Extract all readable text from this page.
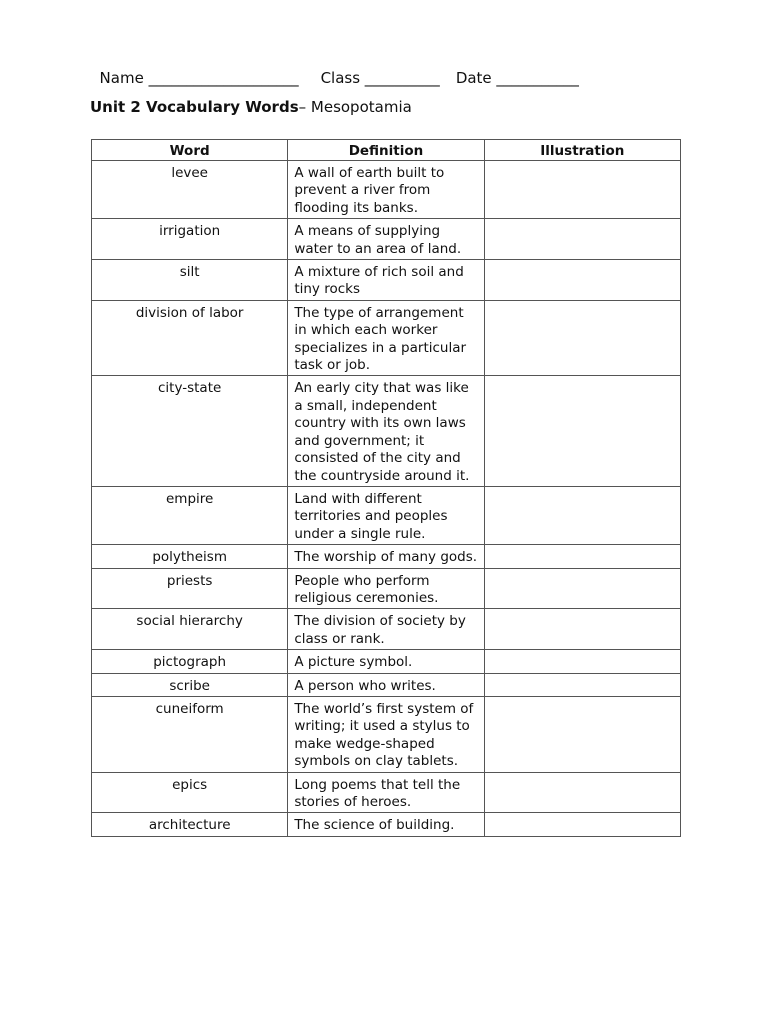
Name ____________________ Class __________ Date ___________

Unit 2 Vocabulary Words– Mesopotamia
Word	Definition	Illustration
levee	A wall of earth built to prevent a river from flooding its banks.	
irrigation	A means of supplying water to an area of land.	
silt	A mixture of rich soil and tiny rocks	
division of labor	The type of arrangement in which each worker specializes in a particular task or job.	
city-state	An early city that was like a small, independent country with its own laws and government; it consisted of the city and the countryside around it.	
empire	Land with different territories and peoples under a single rule.	
polytheism	The worship of many gods.	
priests	People who perform religious ceremonies.	
social hierarchy	The division of society by class or rank.	
pictograph	A picture symbol.	
scribe	A person who writes.	
cuneiform	The world’s first system of writing; it used a stylus to make wedge-shaped symbols on clay tablets.	
epics	Long poems that tell the stories of heroes.	
architecture	The science of building.	
